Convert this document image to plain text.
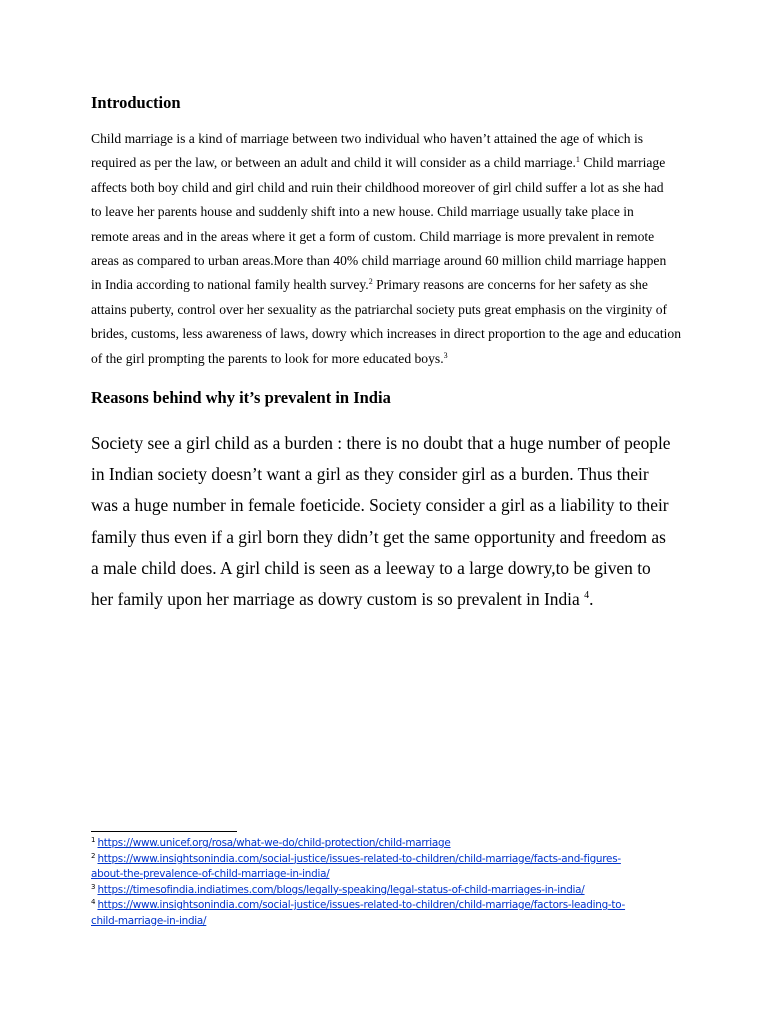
Introduction

Child marriage is a kind of marriage between two individual who haven’t attained the age of which is
required as per the law, or between an adult and child it will consider as a child marriage.$^1$ Child marriage
affects both boy child and girl child and ruin their childhood moreover of girl child suffer a lot as she had
to leave her parents house and suddenly shift into a new house. Child marriage usually take place in
remote areas and in the areas where it get a form of custom. Child marriage is more prevalent in remote
areas as compared to urban areas.More than 40% child marriage around 60 million child marriage happen
in India according to national family health survey.$^2$ Primary reasons are concerns for her safety as she
attains puberty, control over her sexuality as the patriarchal society puts great emphasis on the virginity of
brides, customs, less awareness of laws, dowry which increases in direct proportion to the age and education
of the girl prompting the parents to look for more educated boys.$^3$

Reasons behind why it’s prevalent in India

Society see a girl child as a burden : there is no doubt that a huge number of people
in Indian society doesn’t want a girl as they consider girl as a burden. Thus their
was a huge number in female foeticide. Society consider a girl as a liability to their
family thus even if a girl born they didn’t get the same opportunity and freedom as
a male child does. A girl child is seen as a leeway to a large dowry,to be given to
her family upon her marriage as dowry custom is so prevalent in India $^4$.

$^1$ https://www.unicef.org/rosa/what-we-do/child-protection/child-marriage
$^2$ https://www.insightsonindia.com/social-justice/issues-related-to-children/child-marriage/facts-and-figures-
about-the-prevalence-of-child-marriage-in-india/
$^3$ https://timesofindia.indiatimes.com/blogs/legally-speaking/legal-status-of-child-marriages-in-india/
$^4$ https://www.insightsonindia.com/social-justice/issues-related-to-children/child-marriage/factors-leading-to-
child-marriage-in-india/
